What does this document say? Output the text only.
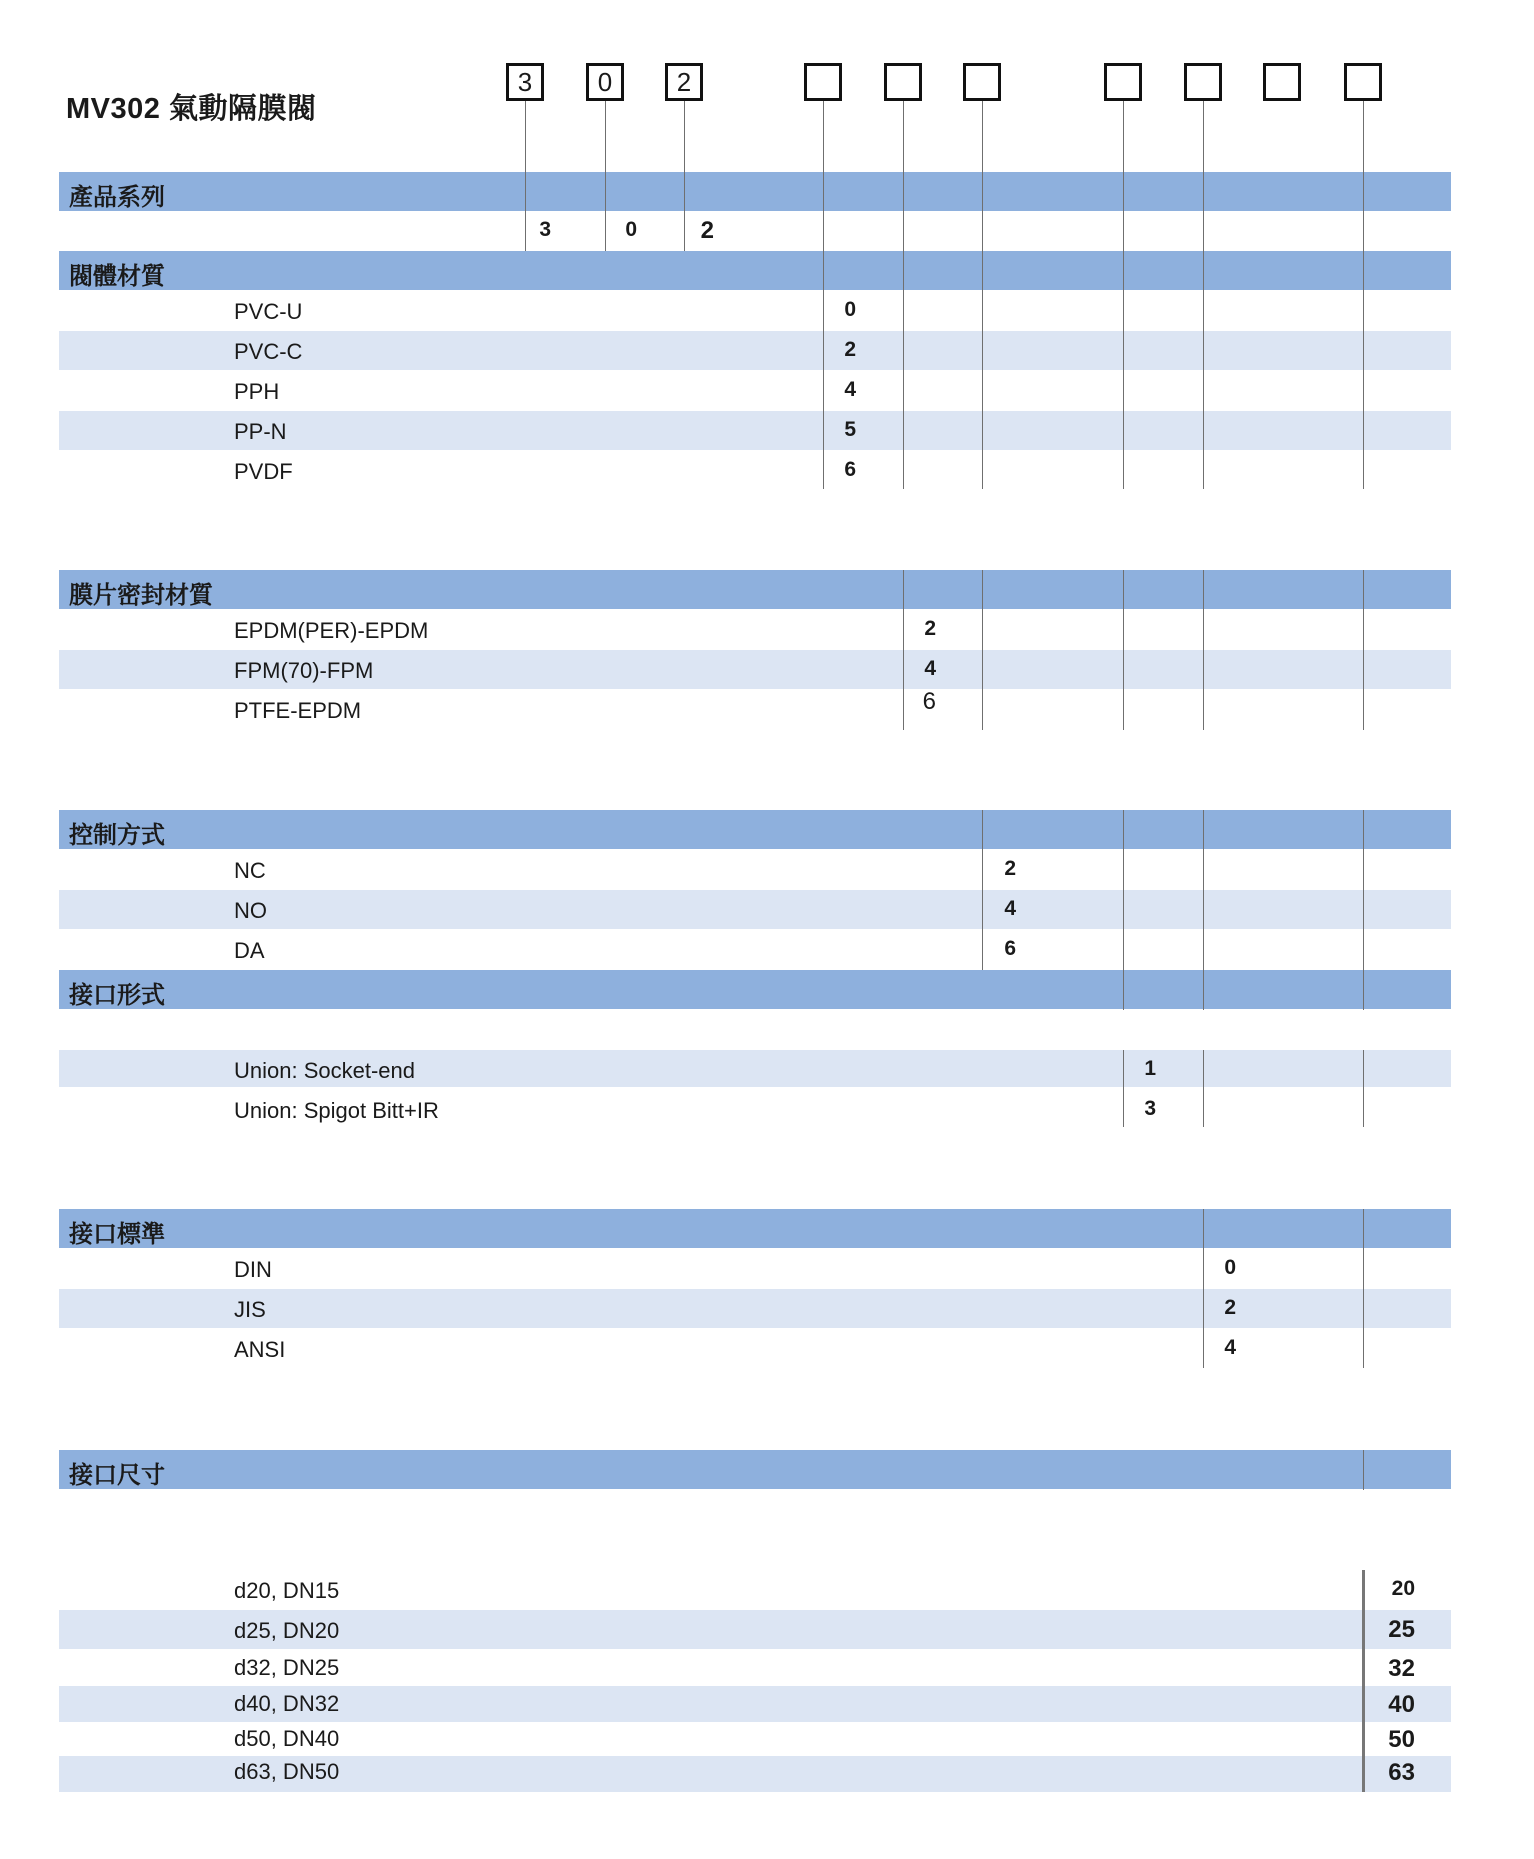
MV302 氣動隔膜閥
3	0	2
產品系列
3	0	2
閥體材質
PVC-U	0
PVC-C	2
PPH	4
PP-N	5
PVDF	6
膜片密封材質
EPDM(PER)-EPDM	2
FPM(70)-FPM	4
PTFE-EPDM	6
控制方式
NC	2
NO	4
DA	6
接口形式
Union: Socket-end	1
Union: Spigot Bitt+IR	3
接口標準
DIN	0
JIS	2
ANSI	4
接口尺寸
d20, DN15	20
d25, DN20	25
d32, DN25	32
d40, DN32	40
d50, DN40	50
d63, DN50	63
